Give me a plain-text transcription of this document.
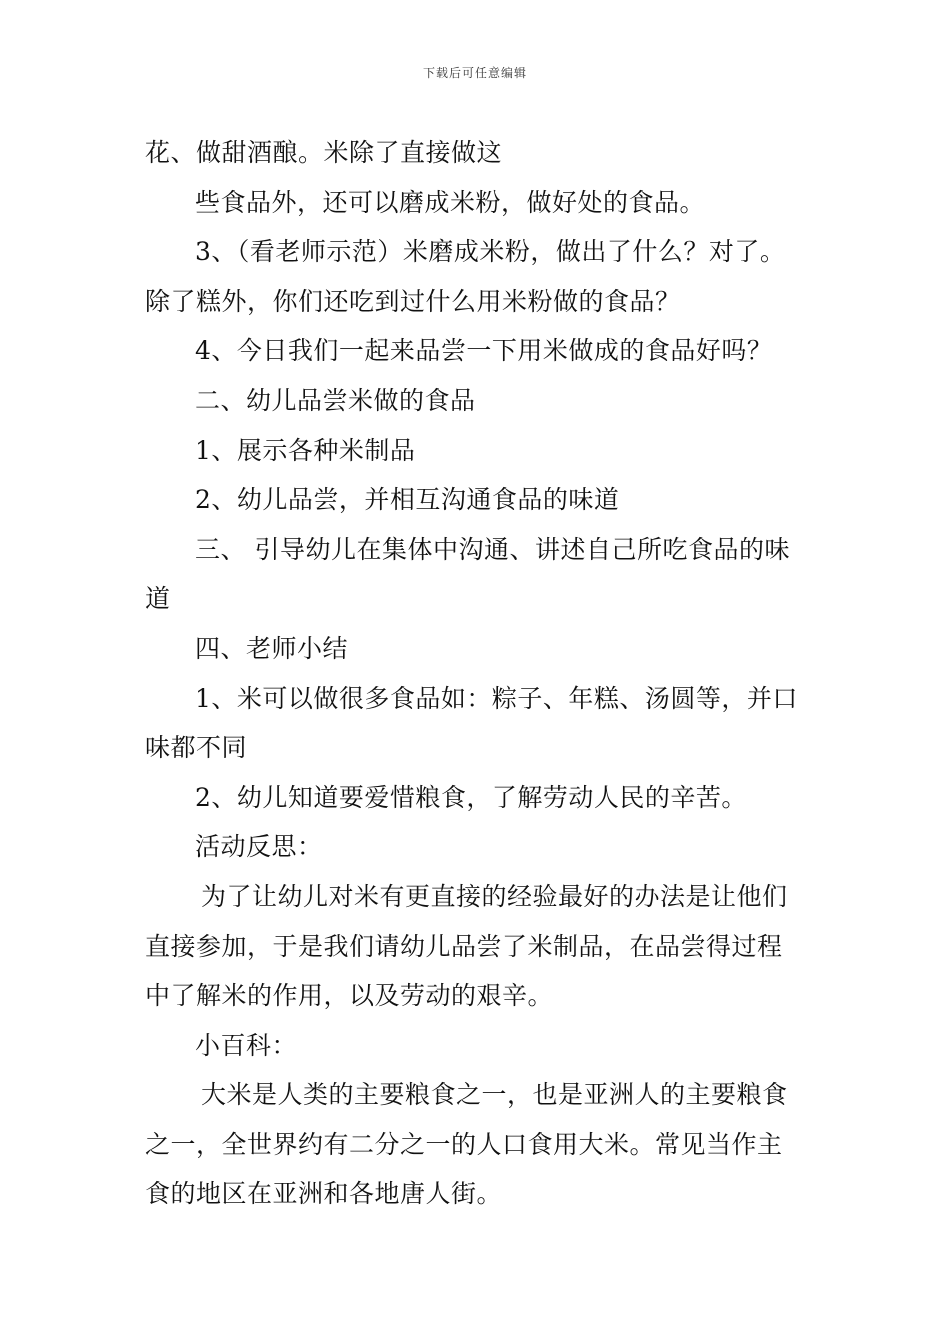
下载后可任意编辑
花、做甜酒酿。米除了直接做这
些食品外，还可以磨成米粉，做好处的食品。
3、（看老师示范）米磨成米粉，做出了什么？对了。
除了糕外，你们还吃到过什么用米粉做的食品？
4、今日我们一起来品尝一下用米做成的食品好吗？
二、幼儿品尝米做的食品
1、展示各种米制品
2、幼儿品尝，并相互沟通食品的味道
三、 引导幼儿在集体中沟通、讲述自己所吃食品的味
道
四、老师小结
1、米可以做很多食品如：粽子、年糕、汤圆等，并口
味都不同
2、幼儿知道要爱惜粮食，了解劳动人民的辛苦。
活动反思：
为了让幼儿对米有更直接的经验最好的办法是让他们
直接参加，于是我们请幼儿品尝了米制品，在品尝得过程
中了解米的作用，以及劳动的艰辛。
小百科：
大米是人类的主要粮食之一，也是亚洲人的主要粮食
之一，全世界约有二分之一的人口食用大米。常见当作主
食的地区在亚洲和各地唐人街。
